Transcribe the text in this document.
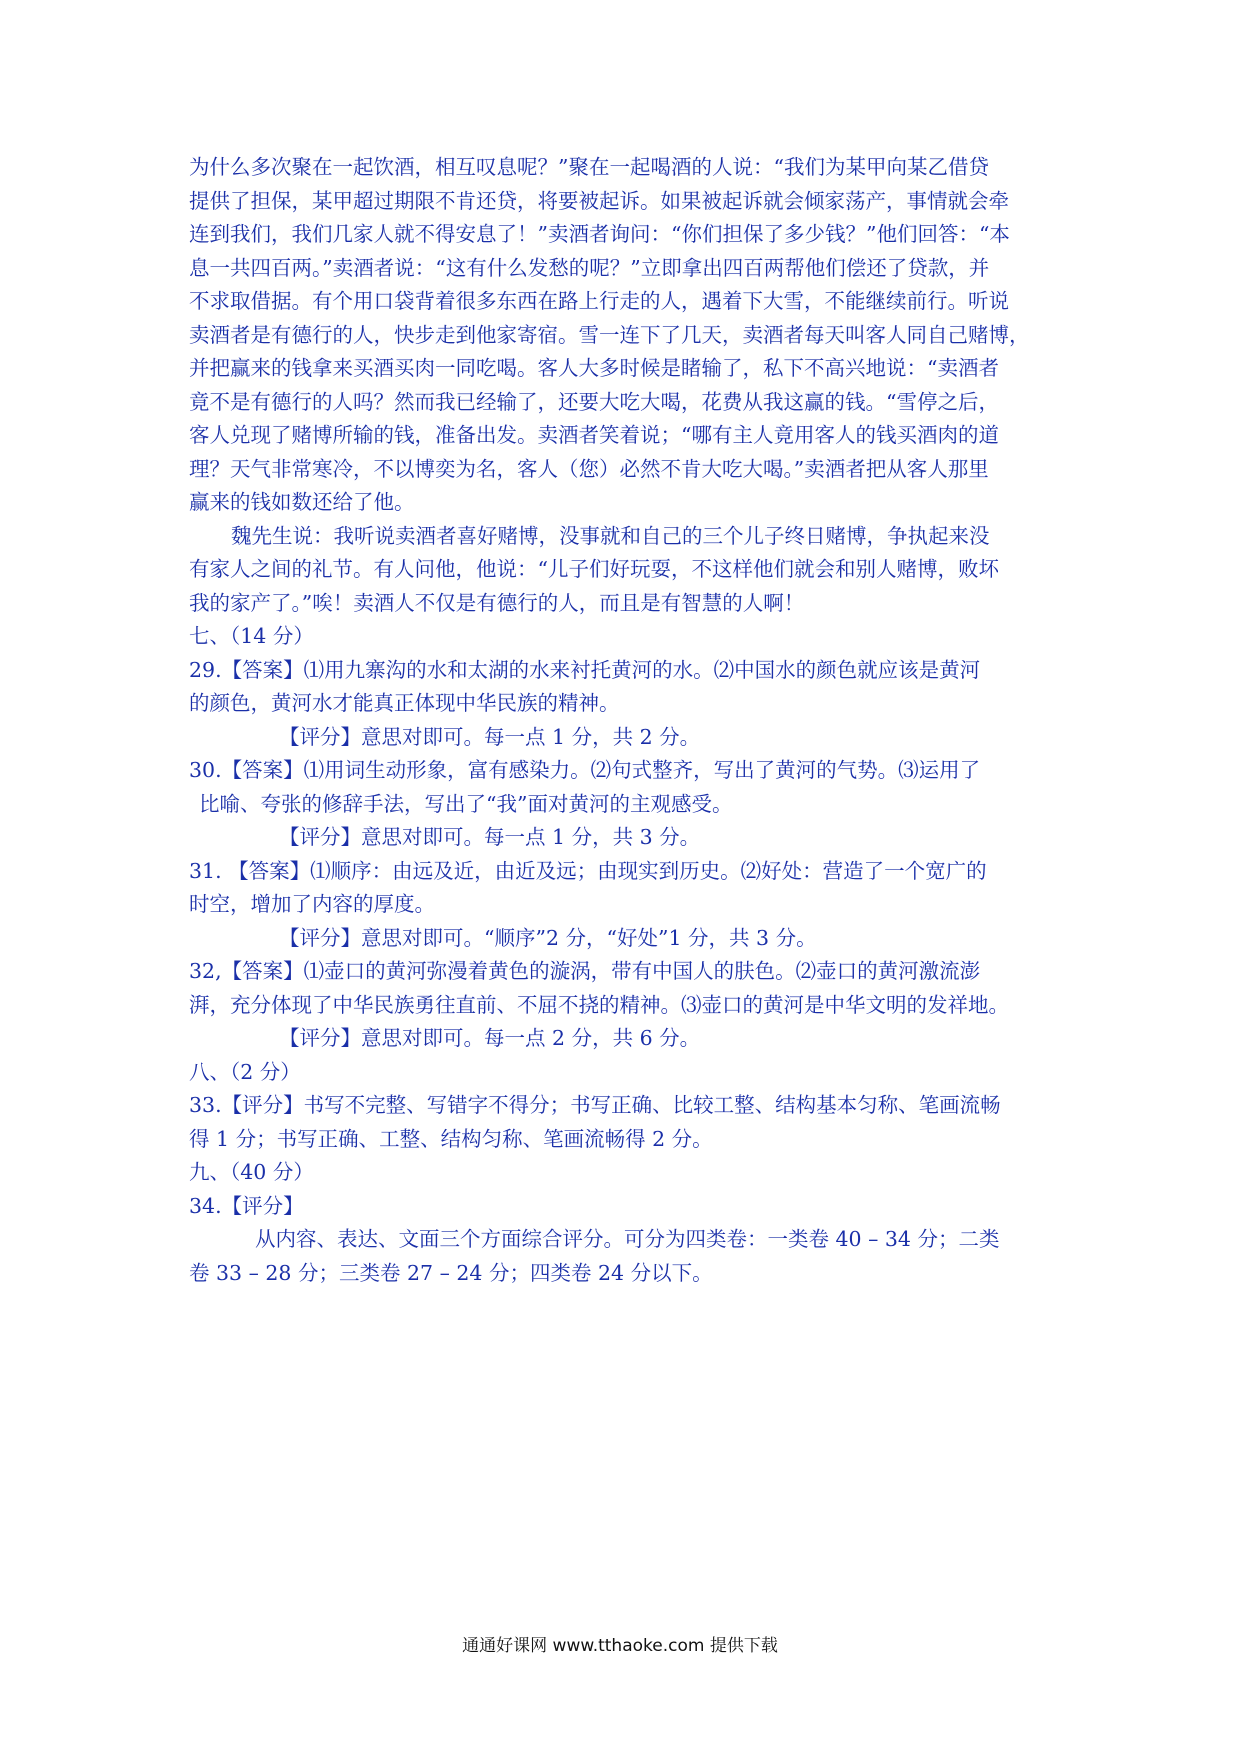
为什么多次聚在一起饮酒，相互叹息呢？”聚在一起喝酒的人说：“我们为某甲向某乙借贷
提供了担保，某甲超过期限不肯还贷，将要被起诉。如果被起诉就会倾家荡产，事情就会牵
连到我们，我们几家人就不得安息了！”卖酒者询问：“你们担保了多少钱？”他们回答：“本
息一共四百两。”卖酒者说：“这有什么发愁的呢？”立即拿出四百两帮他们偿还了贷款，并
不求取借据。有个用口袋背着很多东西在路上行走的人，遇着下大雪，不能继续前行。听说
卖酒者是有德行的人，快步走到他家寄宿。雪一连下了几天，卖酒者每天叫客人同自己赌博，
并把赢来的钱拿来买酒买肉一同吃喝。客人大多时候是睹输了，私下不高兴地说：“卖酒者
竟不是有德行的人吗？然而我已经输了，还要大吃大喝，花费从我这赢的钱。“雪停之后，
客人兑现了赌博所输的钱，准备出发。卖酒者笑着说；“哪有主人竟用客人的钱买酒肉的道
理？天气非常寒冷，不以博奕为名，客人（您）必然不肯大吃大喝。”卖酒者把从客人那里
赢来的钱如数还给了他。
魏先生说：我听说卖酒者喜好赌博，没事就和自己的三个儿子终日赌博，争执起来没
有家人之间的礼节。有人问他，他说：“儿子们好玩耍，不这样他们就会和别人赌博，败坏
我的家产了。”唉！卖酒人不仅是有德行的人，而且是有智慧的人啊！
七、（14 分）
29.【答案】⑴用九寨沟的水和太湖的水来衬托黄河的水。⑵中国水的颜色就应该是黄河
的颜色，黄河水才能真正体现中华民族的精神。
【评分】意思对即可。每一点 1 分，共 2 分。
30.【答案】⑴用词生动形象，富有感染力。⑵句式整齐，写出了黄河的气势。⑶运用了
比喻、夸张的修辞手法，写出了“我”面对黄河的主观感受。
【评分】意思对即可。每一点 1 分，共 3 分。
31. 【答案】⑴顺序：由远及近，由近及远；由现实到历史。⑵好处：营造了一个宽广的
时空，增加了内容的厚度。
【评分】意思对即可。“顺序”2 分，“好处”1 分，共 3 分。
32,【答案】⑴壶口的黄河弥漫着黄色的漩涡，带有中国人的肤色。⑵壶口的黄河激流澎
湃，充分体现了中华民族勇往直前、不屈不挠的精神。⑶壶口的黄河是中华文明的发祥地。
【评分】意思对即可。每一点 2 分，共 6 分。
八、（2 分）
33.【评分】书写不完整、写错字不得分；书写正确、比较工整、结构基本匀称、笔画流畅
得 1 分；书写正确、工整、结构匀称、笔画流畅得 2 分。
九、（40 分）
34.【评分】
从内容、表达、文面三个方面综合评分。可分为四类卷：一类卷 40 – 34 分；二类
卷 33 – 28 分；三类卷 27 – 24 分；四类卷 24 分以下。
通通好课网 www.tthaoke.com 提供下载
